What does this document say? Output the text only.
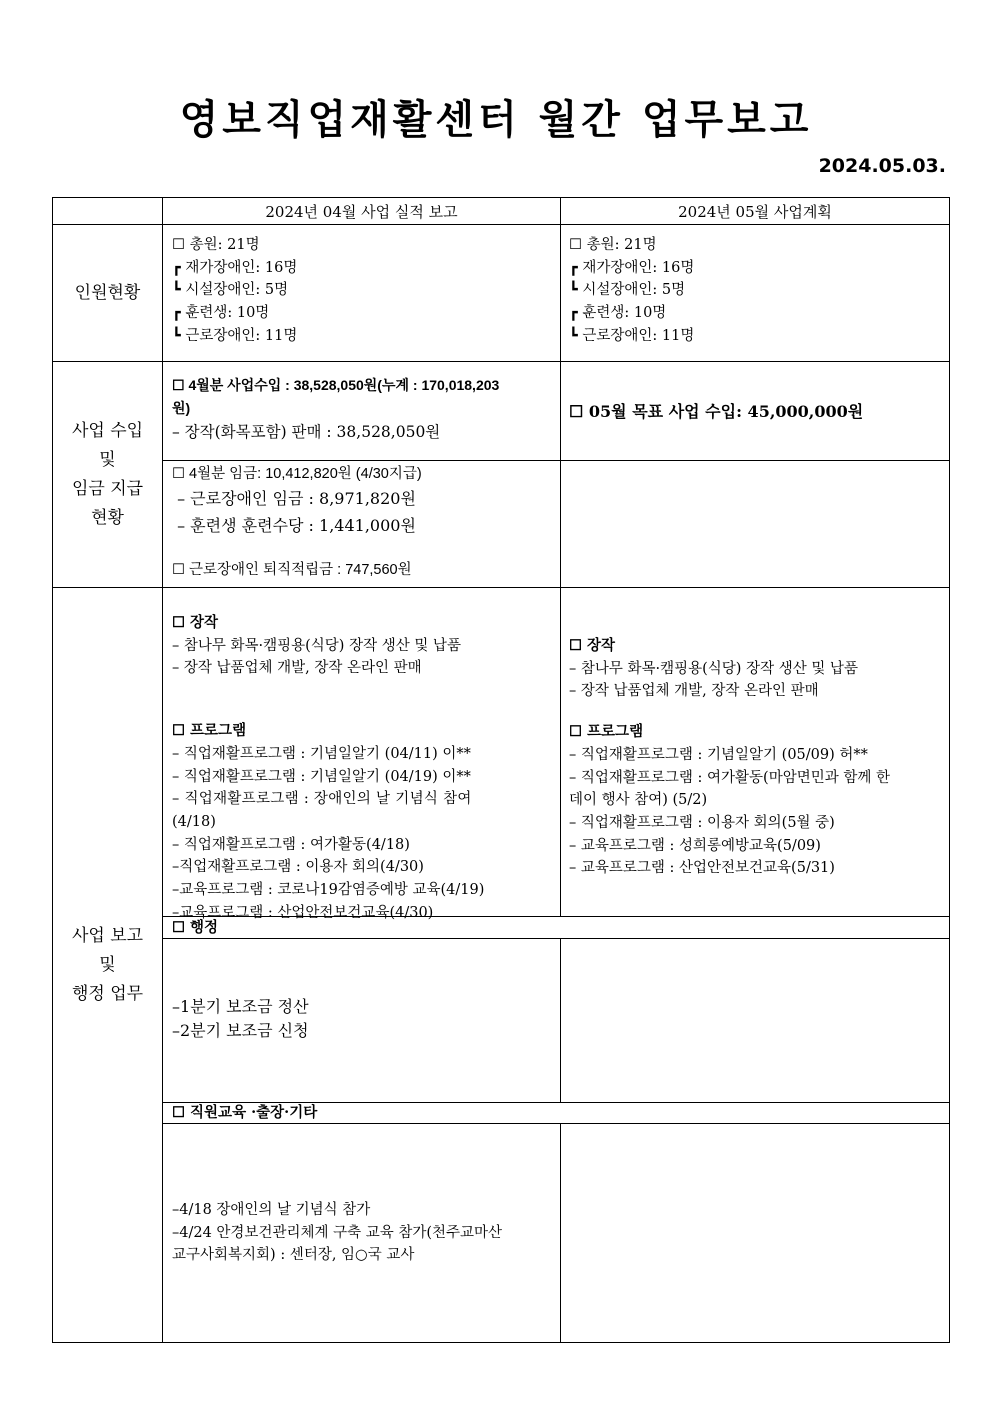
영보직업재활센터 월간 업무보고
2024.05.03.
2024년 04월 사업 실적 보고	2024년 05월 사업계획
인원현황
사업 수입
및
임금 지급
현황
사업 보고
및
행정 업무
☐ 총원: 21명
┏ 재가장애인: 16명
┗ 시설장애인: 5명
┏ 훈련생: 10명
┗ 근로장애인: 11명
☐ 총원: 21명
┏ 재가장애인: 16명
┗ 시설장애인: 5명
┏ 훈련생: 10명
┗ 근로장애인: 11명
☐ 4월분 사업수입 : 38,528,050원(누계 : 170,018,203
원)
– 장작(화목포함) 판매 : 38,528,050원
☐ 05월 목표 사업 수입: 45,000,000원
☐ 4월분 임금: 10,412,820원 (4/30지급)
– 근로장애인 임금 : 8,971,820원
– 훈련생 훈련수당 : 1,441,000원
☐ 근로장애인 퇴직적립금 : 747,560원
☐ 장작
– 참나무 화목·캠핑용(식당) 장작 생산 및 납품
– 장작 납품업체 개발, 장작 온라인 판매
☐ 프로그램
– 직업재활프로그램 : 기념일알기 (04/11) 이**
– 직업재활프로그램 : 기념일알기 (04/19) 이**
– 직업재활프로그램 : 장애인의 날 기념식 참여
(4/18)
– 직업재활프로그램 : 여가활동(4/18)
–직업재활프로그램 : 이용자 회의(4/30)
–교육프로그램 : 코로나19감염증예방 교육(4/19)
–교육프로그램 : 산업안전보건교육(4/30)
☐ 장작
– 참나무 화목·캠핑용(식당) 장작 생산 및 납품
– 장작 납품업체 개발, 장작 온라인 판매
☐ 프로그램
– 직업재활프로그램 : 기념일알기 (05/09) 허**
– 직업재활프로그램 : 여가활동(마암면민과 함께 한
데이 행사 참여) (5/2)
– 직업재활프로그램 : 이용자 회의(5월 중)
– 교육프로그램 : 성희롱예방교육(5/09)
– 교육프로그램 : 산업안전보건교육(5/31)
☐ 행정
–1분기 보조금 정산
–2분기 보조금 신청
☐ 직원교육 ·출장·기타
–4/18 장애인의 날 기념식 참가
–4/24 안경보건관리체계 구축 교육 참가(천주교마산
교구사회복지회) : 센터장, 임○국 교사
